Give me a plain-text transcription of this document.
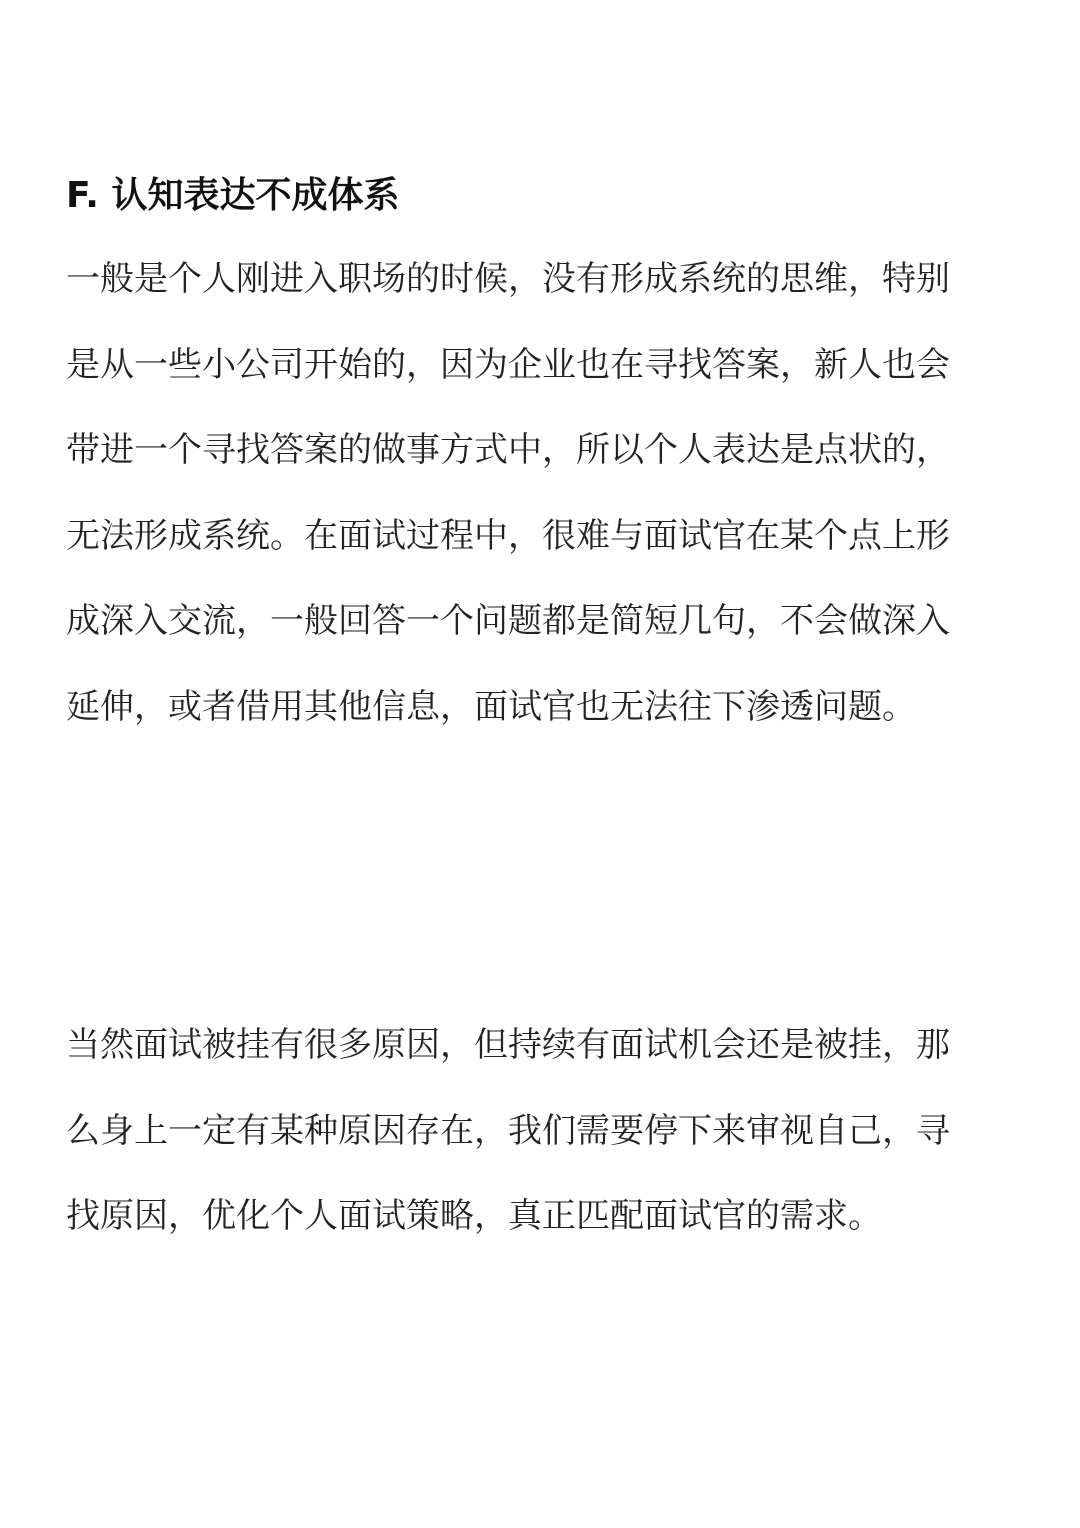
F. 认知表达不成体系
一般是个人刚进入职场的时候，没有形成系统的思维，特别
是从一些小公司开始的，因为企业也在寻找答案，新人也会
带进一个寻找答案的做事方式中，所以个人表达是点状的，
无法形成系统。在面试过程中，很难与面试官在某个点上形
成深入交流，一般回答一个问题都是简短几句，不会做深入
延伸，或者借用其他信息，面试官也无法往下渗透问题。
当然面试被挂有很多原因，但持续有面试机会还是被挂，那
么身上一定有某种原因存在，我们需要停下来审视自己，寻
找原因，优化个人面试策略，真正匹配面试官的需求。
